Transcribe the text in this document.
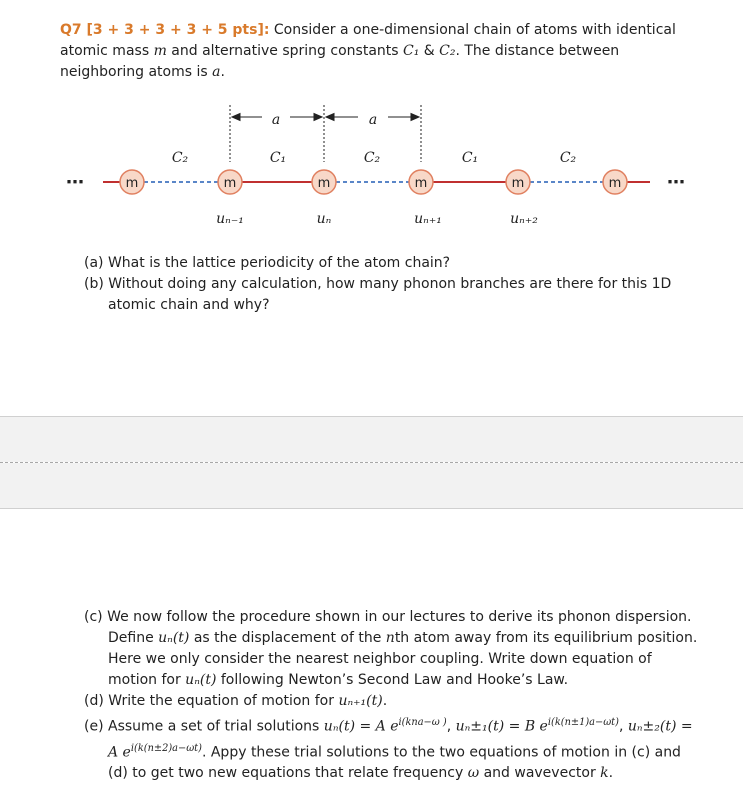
Q7 [3 + 3 + 3 + 3 + 5 pts]: Consider a one-dimensional chain of atoms with identical atomic mass m and alternative spring constants C₁ & C₂. The distance between neighboring atoms is a.
a	a
C₂	C₁	C₂	C₁	C₂
⋯	⋯
m	m	m	m	m	m
uₙ₋₁	uₙ	uₙ₊₁	uₙ₊₂
(a) What is the lattice periodicity of the atom chain?
(b) Without doing any calculation, how many phonon branches are there for this 1D atomic chain and why?
(c) We now follow the procedure shown in our lectures to derive its phonon dispersion. Define uₙ(t) as the displacement of the nth atom away from its equilibrium position. Here we only consider the nearest neighbor coupling. Write down equation of motion for uₙ(t) following Newton’s Second Law and Hooke’s Law.
(d) Write the equation of motion for uₙ₊₁(t).
(e) Assume a set of trial solutions uₙ(t) = A $e^{i(kna-\omega )}$, uₙ±₁(t) = B $e^{i(k(n\pm 1)a-\omega t)}$, uₙ±₂(t) = A $e^{i(k(n\pm 2)a-\omega t)}$. Appy these trial solutions to the two equations of motion in (c) and (d) to get two new equations that relate frequency ω and wavevector k.
